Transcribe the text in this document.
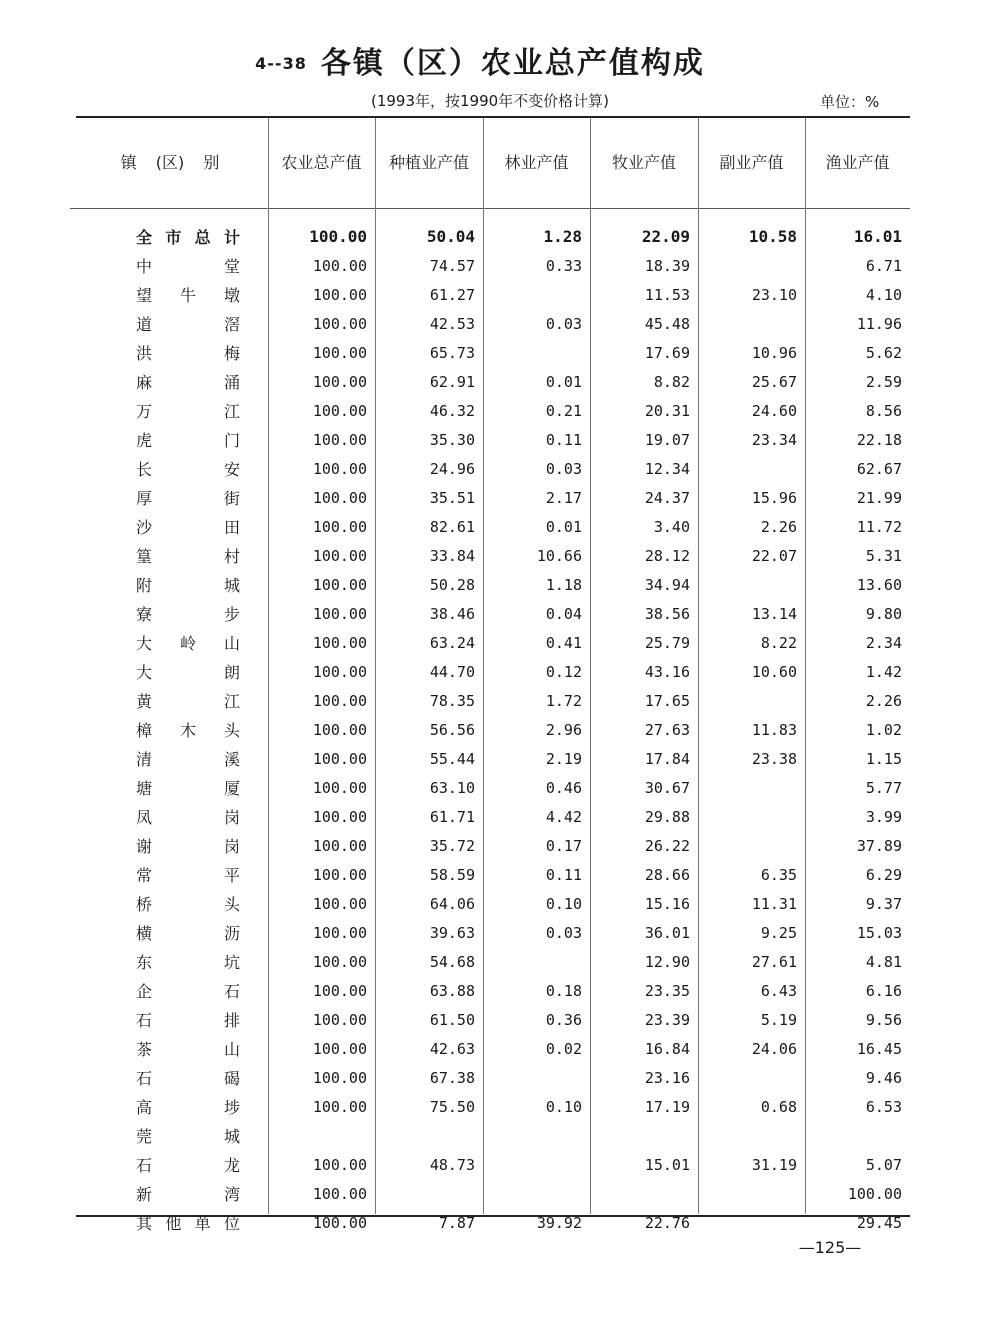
4--38 各镇（区）农业总产值构成
(1993年，按1990年不变价格计算)	单位：%
镇 (区) 别	农业总产值	种植业产值	林业产值	牧业产值	副业产值	渔业产值
全市总计	100.00	50.04	1.28	22.09	10.58	16.01	

中堂	100.00	74.57	0.33	18.39		6.71	

望牛墩	100.00	61.27		11.53	23.10	4.10	

道滘	100.00	42.53	0.03	45.48		11.96	

洪梅	100.00	65.73		17.69	10.96	5.62	

麻涌	100.00	62.91	0.01	8.82	25.67	2.59	

万江	100.00	46.32	0.21	20.31	24.60	8.56	

虎门	100.00	35.30	0.11	19.07	23.34	22.18	

长安	100.00	24.96	0.03	12.34		62.67	

厚街	100.00	35.51	2.17	24.37	15.96	21.99	

沙田	100.00	82.61	0.01	3.40	2.26	11.72	

篁村	100.00	33.84	10.66	28.12	22.07	5.31	

附城	100.00	50.28	1.18	34.94		13.60	

寮步	100.00	38.46	0.04	38.56	13.14	9.80	

大岭山	100.00	63.24	0.41	25.79	8.22	2.34	

大朗	100.00	44.70	0.12	43.16	10.60	1.42	

黄江	100.00	78.35	1.72	17.65		2.26	

樟木头	100.00	56.56	2.96	27.63	11.83	1.02	

清溪	100.00	55.44	2.19	17.84	23.38	1.15	

塘厦	100.00	63.10	0.46	30.67		5.77	

凤岗	100.00	61.71	4.42	29.88		3.99	

谢岗	100.00	35.72	0.17	26.22		37.89	

常平	100.00	58.59	0.11	28.66	6.35	6.29	

桥头	100.00	64.06	0.10	15.16	11.31	9.37	

横沥	100.00	39.63	0.03	36.01	9.25	15.03	

东坑	100.00	54.68		12.90	27.61	4.81	

企石	100.00	63.88	0.18	23.35	6.43	6.16	

石排	100.00	61.50	0.36	23.39	5.19	9.56	

茶山	100.00	42.63	0.02	16.84	24.06	16.45	

石碣	100.00	67.38		23.16		9.46	

高埗	100.00	75.50	0.10	17.19	0.68	6.53	

莞城							

石龙	100.00	48.73		15.01	31.19	5.07	

新湾	100.00					100.00	

其他单位	100.00	7.87	39.92	22.76		29.45	
—125—
